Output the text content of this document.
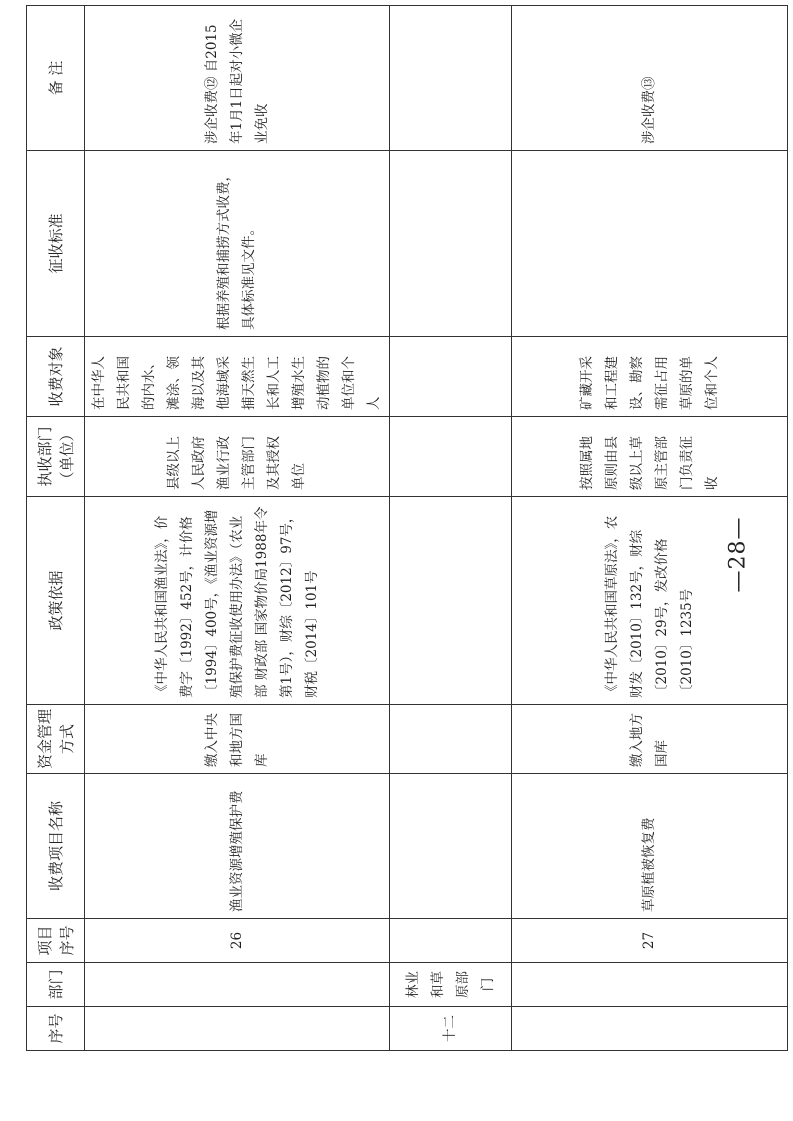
序号	部门	项目序号	收费项目名称	资金管理方式	政策依据	执收部门（单位）	收费对象	征收标准	备 注
		26	渔业资源增殖保护费	缴入中央和地方国库	《中华人民共和国渔业法》，价费字〔1992〕452号，计价格〔1994〕400号，《渔业资源增殖保护费征收使用办法》（农业部 财政部 国家物价局1988年令第1号），财综〔2012〕97号，财税〔2014〕101号	县级以上人民政府渔业行政主管部门及其授权单位	在中华人民共和国的内水、滩涂、领海以及其他海域采捕天然生长和人工增殖水生动植物的单位和个人	根据养殖和捕捞方式收费，具体标准见文件。	涉企收费⑫ 自2015年1月1日起对小微企业免收
十二	林业和草原部门								
		27	草原植被恢复费	缴入地方国库	《中华人民共和国草原法》，农财发〔2010〕132号，财综〔2010〕29号，发改价格〔2010〕1235号	按照属地原则由县级以上草原主管部门负责征收	矿藏开采和工程建设、勘察需征占用草原的单位和个人		涉企收费⑬
—28—
